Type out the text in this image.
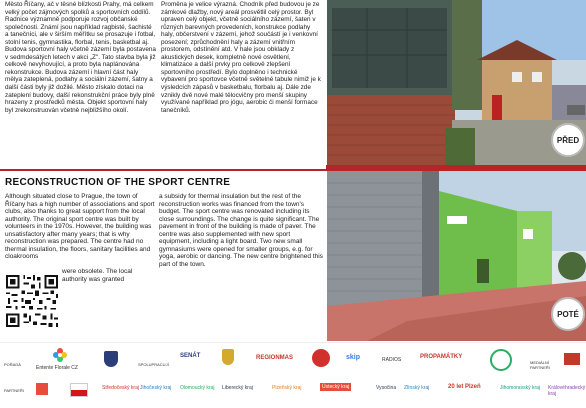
Město Říčany, ač v těsné blízkosti Prahy, má celkem velký počet zájmových spolků a sportovních oddílů. Radnice významně podporuje rozvoj občanské společnosti. Známí jsou například ragbisté, šachisté a tanečníci, ale v širším měřítku se prosazuje i fotbal, stolní tenis, gymnastika, florbal, tenis, basketbal aj. Budova sportovní haly včetně zázemí byla postavena v sedmdesátých letech v akci „Z". Tato stavba byla již celkově nevyhovující, a proto byla naplánována rekonstrukce. Budova zázemí i hlavní část haly mělya zateplená, podlahy a sociální zázemí, šatny a další části byly již dožilé. Město získalo dotaci na zateplení budovy, další rekonstrukční práce byly plně hrazeny z prostředků města. Objekt sportovní haly byl zrekonstruován včetně nejbližšího okolí.
Proměna je velice výrazná. Chodník před budovou je ze zámkové dlažby, nový areál prosvětlil celý prostor. Byl upraven celý objekt, včetně sociálního zázemí, šaten v různých barevných provedeních, konstrukce podlahy haly, občerstvení v zázemí, jehož součástí je i venkovní posezení; zprůchodnění haly a zázemí vnitřním prostorem, odstínění atd. V hale jsou obklady z akustických desek, kompletně nové osvětlení, klimatizace a další prvky pro celkově zlepšení sportovního prostředí. Bylo doplněno i technické vybavení pro sportovce včetně světelné tabule nimiž je k výsledcích zápasů v basketbalu, florbalu aj. Dále zde vznikly dvě nové malé tělocvičny pro menší skupiny využívané například pro jógu, aerobic či menší formace tanečníků.
PŘED
POTÉ
RECONSTRUCTION OF THE SPORT CENTRE
Although situated close to Prague, the town of Říčany has a high number of associations and sport clubs, also thanks to great support from the local authority. The original sport centre was built by volunteers in the 1970s. However, the building was unsatisfactory after many years; that is why reconstruction was prepared. The centre had no thermal insulation, the floors, sanitary facilities and cloakrooms
were obsolete. The local authority was granted
a subsidy for thermal insulation but the rest of the reconstruction works was financed from the town's budget. The sport centre was renovated including its close surroundings. The change is quite significant. The pavement in front of the building is made of paver. The centre was also supplemented with new sport equipment, including a light board. Two new small gymnasiums were opened for smaller groups, e.g. for yoga, aerobic or dancing. The new centre brightened this part of the town.
POŘADÁ	SPOLUPRACUJÍ
PARTNEŘI
MEDIÁLNÍ PARTNEŘI
Entente Florale CZ
SENÁT	REGIONMAS	skip	RADIOS	PROPAMÁTKY
Středočeský kraj Jihočeský kraj Olomoucký kraj Liberecký kraj	Plzeňský kraj	Ústecký kraj	Vysočina Zlínský kraj	20 let Plzeň	Jihomoravský kraj Královéhradecký kraj
